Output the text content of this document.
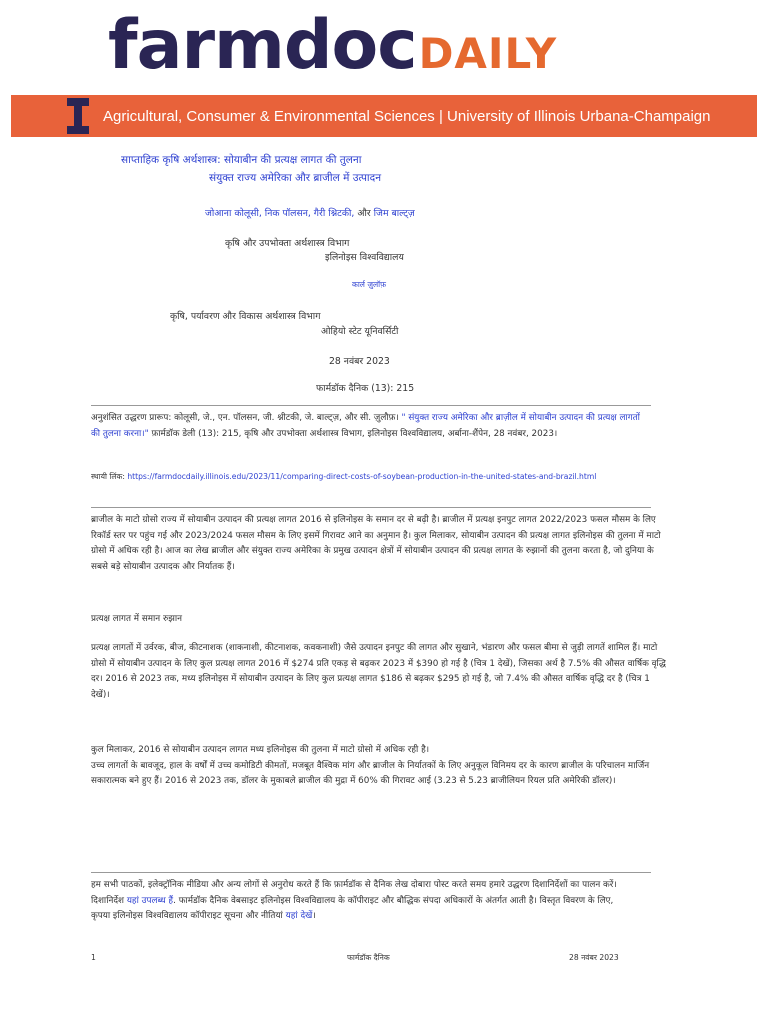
farmdocDAILY
Agricultural, Consumer & Environmental Sciences | University of Illinois Urbana-Champaign
साप्ताहिक कृषि अर्थशास्त्र: सोयाबीन की प्रत्यक्ष लागत की तुलना
संयुक्त राज्य अमेरिका और ब्राजील में उत्पादन
जोआना कोलूसी, निक पॉलसन, गैरी श्निटकी, और जिम बाल्ट्ज़
कृषि और उपभोक्ता अर्थशास्त्र विभाग
इलिनोइस विश्वविद्यालय
कार्ल ज़ुलॉफ़
कृषि, पर्यावरण और विकास अर्थशास्त्र विभाग
ओहियो स्टेट यूनिवर्सिटी
28 नवंबर 2023
फार्मडॉक दैनिक (13): 215
अनुशंसित उद्धरण प्रारूप: कोलूसी, जे., एन. पॉलसन, जी. श्नीटकी, जे. बाल्ट्ज़, और सी. ज़ुलौफ़। " संयुक्त राज्य अमेरिका और ब्राज़ील में सोयाबीन उत्पादन की प्रत्यक्ष लागतों
की तुलना करना।" फ़ार्मडॉक डेली (13): 215, कृषि और उपभोक्ता अर्थशास्त्र विभाग, इलिनोइस विश्वविद्यालय, अर्बाना-शैंपेन, 28 नवंबर, 2023।
स्थायी लिंक: https://farmdocdaily.illinois.edu/2023/11/comparing-direct-costs-of-soybean-production-in-the-united-states-and-brazil.html
ब्राजील के माटो ग्रोसो राज्य में सोयाबीन उत्पादन की प्रत्यक्ष लागत 2016 से इलिनोइस के समान दर से बढ़ी है। ब्राजील में प्रत्यक्ष इनपुट लागत 2022/2023 फसल मौसम के लिए रिकॉर्ड स्तर पर पहुंच गई और 2023/2024 फसल मौसम के लिए इसमें गिरावट आने का अनुमान है। कुल मिलाकर, सोयाबीन उत्पादन की प्रत्यक्ष लागत इलिनोइस की तुलना में माटो ग्रोसो में अधिक रही है। आज का लेख ब्राजील और संयुक्त राज्य अमेरिका के प्रमुख उत्पादन क्षेत्रों में सोयाबीन उत्पादन की प्रत्यक्ष लागत के रुझानों की तुलना करता है, जो दुनिया के सबसे बड़े सोयाबीन उत्पादक और निर्यातक हैं।
प्रत्यक्ष लागत में समान रुझान
प्रत्यक्ष लागतों में उर्वरक, बीज, कीटनाशक (शाकनाशी, कीटनाशक, कवकनाशी) जैसे उत्पादन इनपुट की लागत और सुखाने, भंडारण और फसल बीमा से जुड़ी लागतें शामिल हैं। माटो ग्रोसो में सोयाबीन उत्पादन के लिए कुल प्रत्यक्ष लागत 2016 में $274 प्रति एकड़ से बढ़कर 2023 में $390 हो गई है (चित्र 1 देखें), जिसका अर्थ है 7.5% की औसत वार्षिक वृद्धि दर। 2016 से 2023 तक, मध्य इलिनोइस में सोयाबीन उत्पादन के लिए कुल प्रत्यक्ष लागत $186 से बढ़कर $295 हो गई है, जो 7.4% की औसत वार्षिक वृद्धि दर है (चित्र 1 देखें)।
कुल मिलाकर, 2016 से सोयाबीन उत्पादन लागत मध्य इलिनोइस की तुलना में माटो ग्रोसो में अधिक रही है।
उच्च लागतों के बावजूद, हाल के वर्षों में उच्च कमोडिटी कीमतों, मजबूत वैश्विक मांग और ब्राजील के निर्यातकों के लिए अनुकूल विनिमय दर के कारण ब्राजील के परिचालन मार्जिन सकारात्मक बने हुए हैं। 2016 से 2023 तक, डॉलर के मुकाबले ब्राजील की मुद्रा में 60% की गिरावट आई (3.23 से 5.23 ब्राजीलियन रियल प्रति अमेरिकी डॉलर)।
हम सभी पाठकों, इलेक्ट्रॉनिक मीडिया और अन्य लोगों से अनुरोध करते हैं कि फ़ार्मडॉक से दैनिक लेख दोबारा पोस्ट करते समय हमारे उद्धरण दिशानिर्देशों का पालन करें।
दिशानिर्देश यहां उपलब्ध हैं. फार्मडॉक दैनिक वेबसाइट इलिनोइस विश्वविद्यालय के कॉपीराइट और बौद्धिक संपदा अधिकारों के अंतर्गत आती है। विस्तृत विवरण के लिए,
कृपया इलिनोइस विश्वविद्यालय कॉपीराइट सूचना और नीतियां यहां देखें।
1	फार्मडॉक दैनिक	28 नवंबर 2023
